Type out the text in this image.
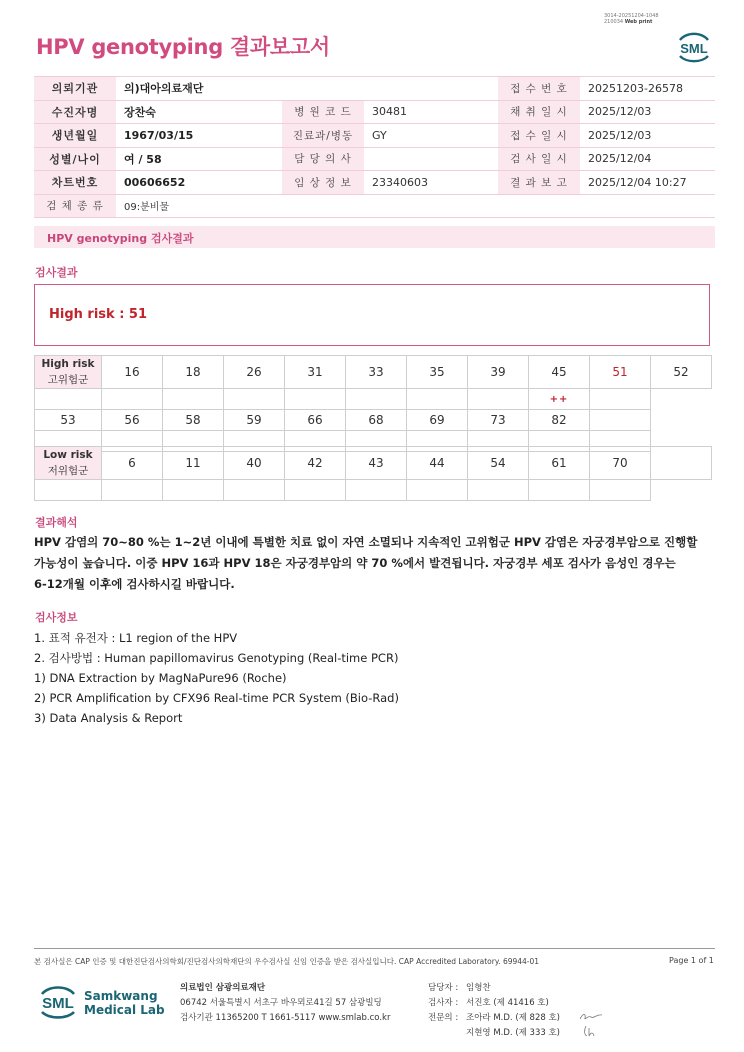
3014-20251204-1048
210034 Web print
HPV genotyping 결과보고서	SML
의뢰기관	의)대아의료재단			접 수 번 호	20251203-26578
수진자명	장찬숙	병 원 코 드	30481	채 취 일 시	2025/12/03
생년월일	1967/03/15	진료과/병동	GY	접 수 일 시	2025/12/03
성별/나이	여 / 58	담 당 의 사		검 사 일 시	2025/12/04
차트번호	00606652	임 상 정 보	23340603	결 과 보 고	2025/12/04 10:27
검 체 종 류	09:분비물				
HPV genotyping 검사결과
검사결과
High risk : 51
High risk
고위험군	16	18	26	31	33	35	39	45	51	52
								++		
53	56	58	59	66	68	69	73	82		

Low risk
저위험군	6	11	40	42	43	44	54	61	70	

결과해석
HPV 감염의 70~80 %는 1~2년 이내에 특별한 치료 없이 자연 소멸되나 지속적인 고위험군 HPV 감염은 자궁경부암으로 진행할
가능성이 높습니다. 이중 HPV 16과 HPV 18은 자궁경부암의 약 70 %에서 발견됩니다. 자궁경부 세포 검사가 음성인 경우는
6-12개월 이후에 검사하시길 바랍니다.
검사정보
1. 표적 유전자 : L1 region of the HPV
2. 검사방법 : Human papillomavirus Genotyping (Real-time PCR)
1) DNA Extraction by MagNaPure96 (Roche)
2) PCR Amplification by CFX96 Real-time PCR System (Bio-Rad)
3) Data Analysis & Report
본 검사실은 CAP 인증 및 대한진단검사의학회/진단검사의학재단의 우수검사실 신임 인증을 받은 검사실입니다. CAP Accredited Laboratory. 69944-01	Page 1 of 1
SML Samkwang
Medical Lab
의료법인 삼광의료재단
06742 서울특별시 서초구 바우뫼로41길 57 삼광빌딩
검사기관 11365200 T 1661-5117 www.smlab.co.kr
담당자 : 임형찬
검사자 : 서진호 (제 41416 호)
전문의 : 조아라 M.D. (제 828 호)
지현영 M.D. (제 333 호)
